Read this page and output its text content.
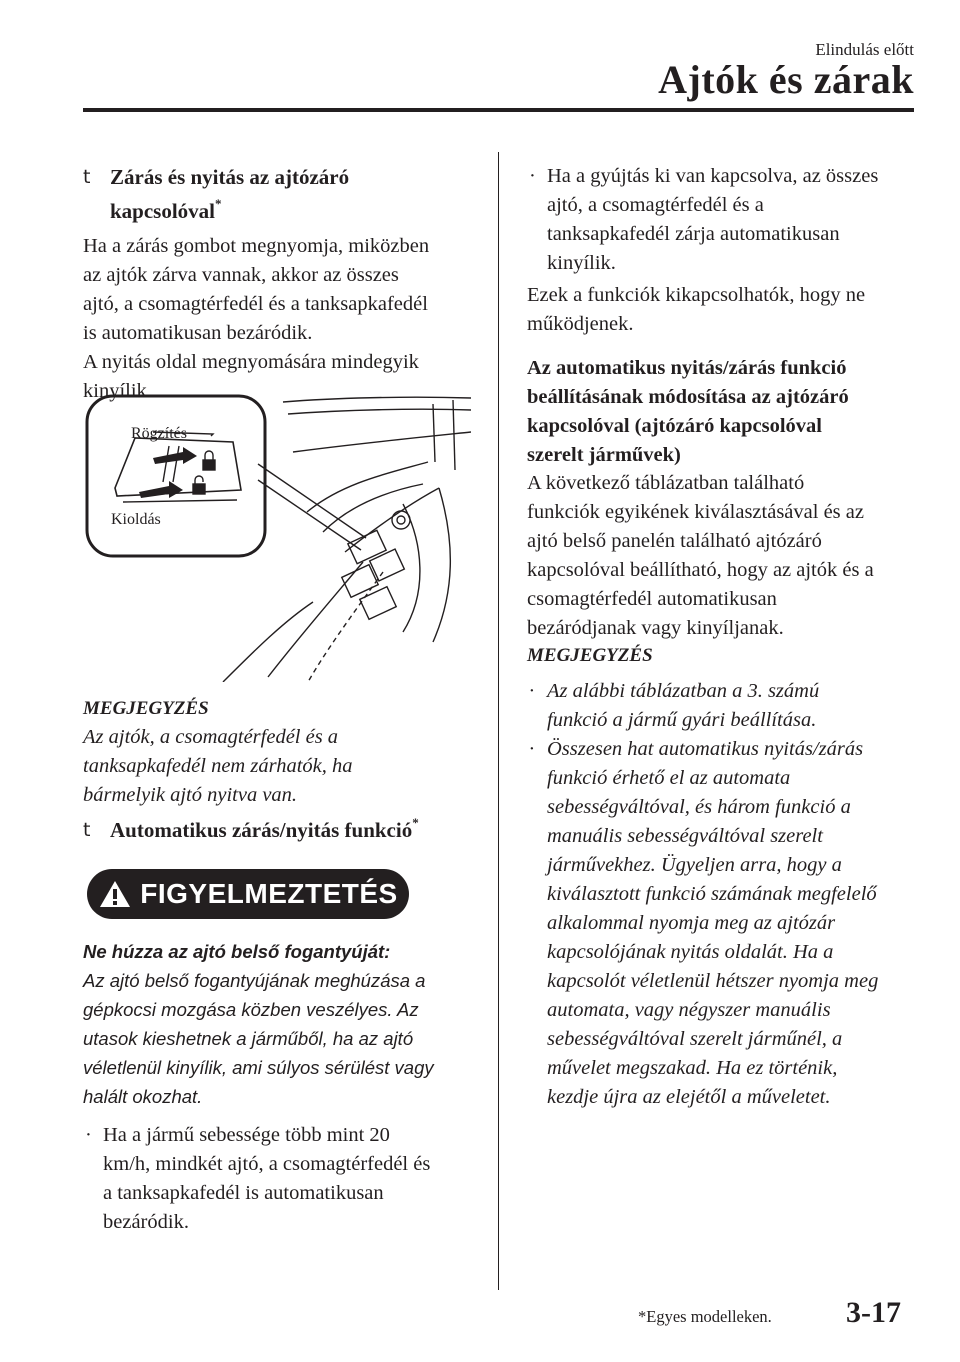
Elindulás előtt
Ajtók és zárak
t Zárás és nyitás az ajtózáró
kapcsolóval*
Ha a zárás gombot megnyomja, miközben
az ajtók zárva vannak, akkor az összes
ajtó, a csomagtérfedél és a tanksapkafedél
is automatikusan bezáródik.
A nyitás oldal megnyomására mindegyik
kinyílik.
Rögzítés
Kioldás
MEGJEGYZÉS
Az ajtók, a csomagtérfedél és a
tanksapkafedél nem zárhatók, ha
bármelyik ajtó nyitva van.
t Automatikus zárás/nyitás funkció*
FIGYELMEZTETÉS
Ne húzza az ajtó belső fogantyúját:
Az ajtó belső fogantyújának meghúzása a
gépkocsi mozgása közben veszélyes. Az
utasok kieshetnek a járműből, ha az ajtó
véletlenül kinyílik, ami súlyos sérülést vagy
halált okozhat.
· Ha a jármű sebessége több mint 20
km/h, mindkét ajtó, a csomagtérfedél és
a tanksapkafedél is automatikusan
bezáródik.
· Ha a gyújtás ki van kapcsolva, az összes
ajtó, a csomagtérfedél és a
tanksapkafedél zárja automatikusan
kinyílik.
Ezek a funkciók kikapcsolhatók, hogy ne
működjenek.
Az automatikus nyitás/zárás funkció
beállításának módosítása az ajtózáró
kapcsolóval (ajtózáró kapcsolóval
szerelt járművek)
A következő táblázatban található
funkciók egyikének kiválasztásával és az
ajtó belső panelén található ajtózáró
kapcsolóval beállítható, hogy az ajtók és a
csomagtérfedél automatikusan
bezáródjanak vagy kinyíljanak.
MEGJEGYZÉS
· Az alábbi táblázatban a 3. számú
funkció a jármű gyári beállítása.
· Összesen hat automatikus nyitás/zárás
funkció érhető el az automata
sebességváltóval, és három funkció a
manuális sebességváltóval szerelt
járművekhez. Ügyeljen arra, hogy a
kiválasztott funkció számának megfelelő
alkalommal nyomja meg az ajtózár
kapcsolójának nyitás oldalát. Ha a
kapcsolót véletlenül hétszer nyomja meg
automata, vagy négyszer manuális
sebességváltóval szerelt járműnél, a
művelet megszakad. Ha ez történik,
kezdje újra az elejétől a műveletet.
*Egyes modelleken. 3-17
